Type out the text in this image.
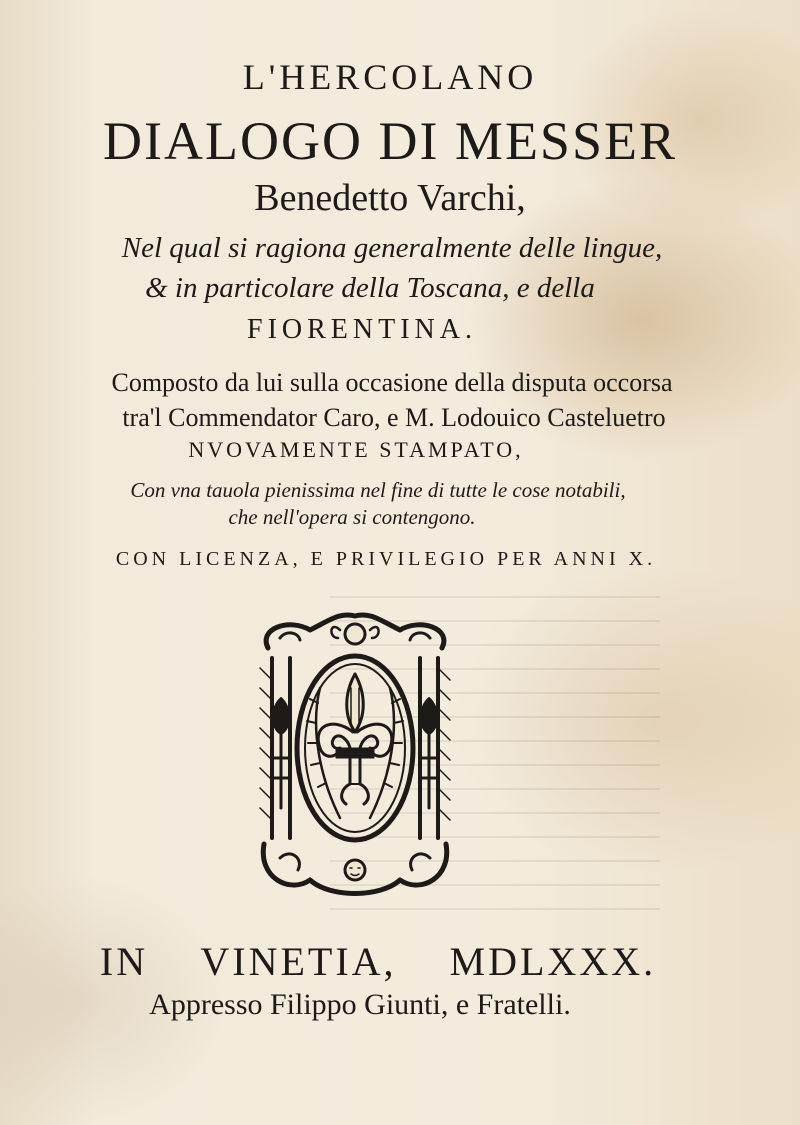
L'HERCOLANO
DIALOGO DI MESSER
Benedetto Varchi,
Nel qual si ragiona generalmente delle lingue,
& in particolare della Toscana, e della
FIORENTINA.
Composto da lui sulla occasione della disputa occorsa
tra'l Commendator Caro, e M. Lodouico Casteluetro
NVOVAMENTE STAMPATO,
Con vna tauola pienissima nel fine di tutte le cose notabili,
che nell'opera si contengono.
CON LICENZA, E PRIVILEGIO PER ANNI X.
IN VINETIA, MDLXXX.
Appresso Filippo Giunti, e Fratelli.
